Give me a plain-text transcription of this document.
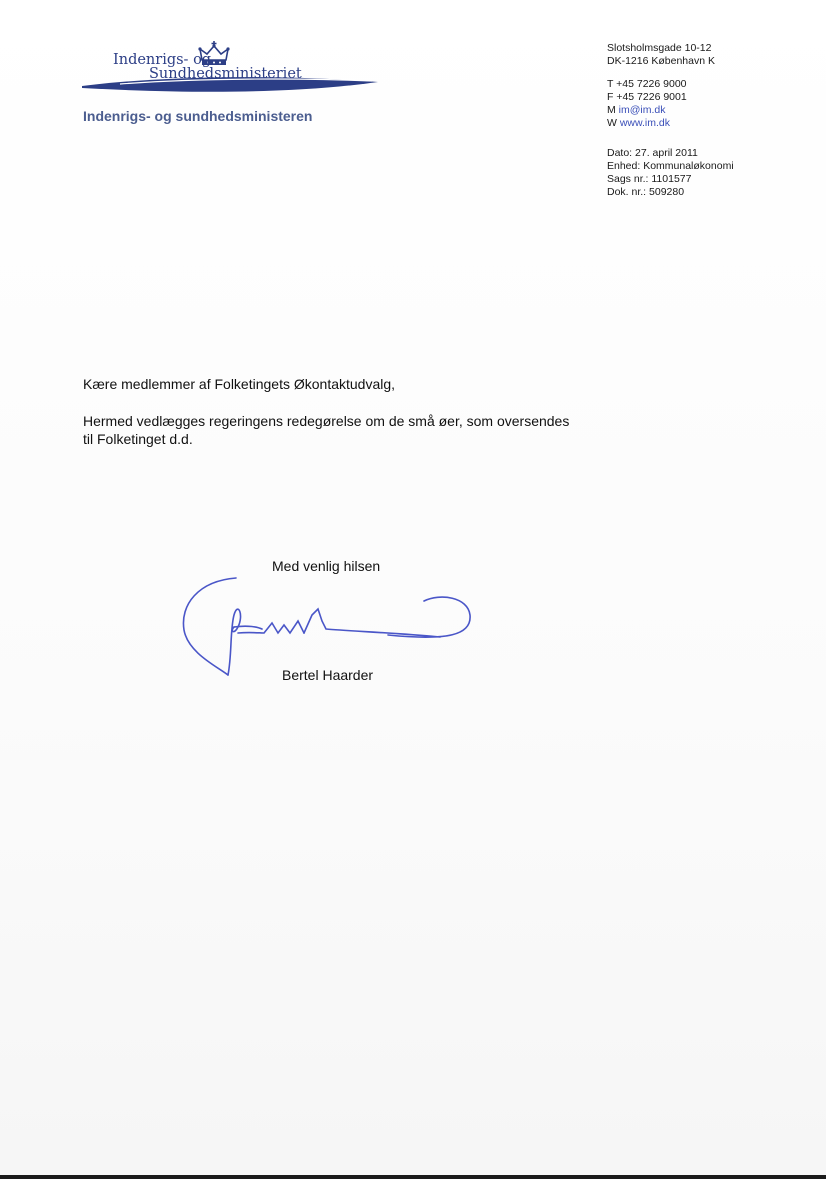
Indenrigs- og
Sundhedsministeriet
Indenrigs- og sundhedsministeren
Slotsholmsgade 10-12
DK-1216 København K
T +45 7226 9000
F +45 7226 9001
M im@im.dk
W www.im.dk
Dato: 27. april 2011
Enhed: Kommunaløkonomi
Sags nr.: 1101577
Dok. nr.: 509280
Kære medlemmer af Folketingets Økontaktudvalg,
Hermed vedlægges regeringens redegørelse om de små øer, som oversendes til Folketinget d.d.
Med venlig hilsen
Bertel Haarder
